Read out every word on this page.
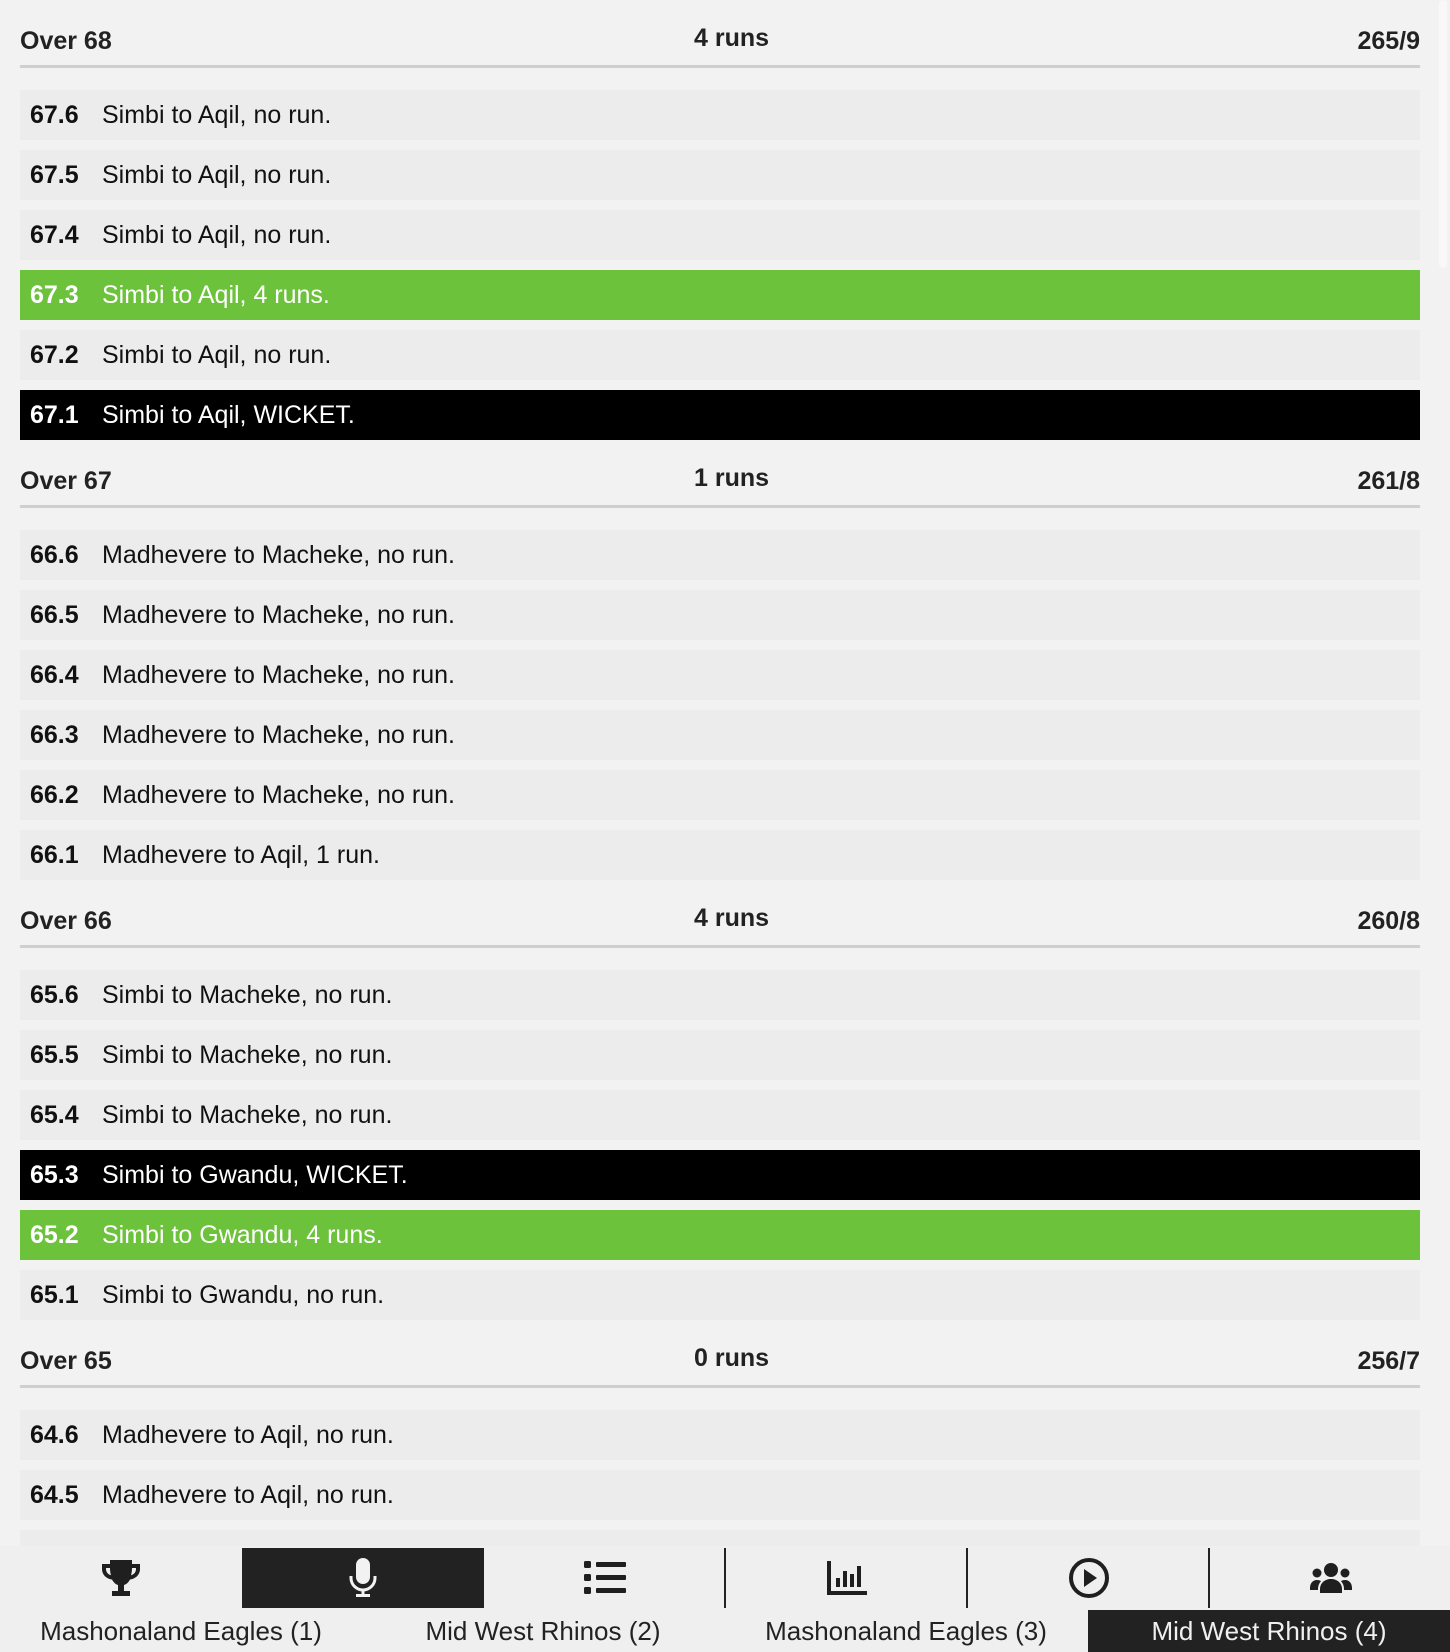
Over 68	4 runs	265/9
67.6 Simbi to Aqil, no run.
67.5 Simbi to Aqil, no run.
67.4 Simbi to Aqil, no run.
67.3 Simbi to Aqil, 4 runs.
67.2 Simbi to Aqil, no run.
67.1 Simbi to Aqil, WICKET.
Over 67	1 runs	261/8
66.6 Madhevere to Macheke, no run.
66.5 Madhevere to Macheke, no run.
66.4 Madhevere to Macheke, no run.
66.3 Madhevere to Macheke, no run.
66.2 Madhevere to Macheke, no run.
66.1 Madhevere to Aqil, 1 run.
Over 66	4 runs	260/8
65.6 Simbi to Macheke, no run.
65.5 Simbi to Macheke, no run.
65.4 Simbi to Macheke, no run.
65.3 Simbi to Gwandu, WICKET.
65.2 Simbi to Gwandu, 4 runs.
65.1 Simbi to Gwandu, no run.
Over 65	0 runs	256/7
64.6 Madhevere to Aqil, no run.
64.5 Madhevere to Aqil, no run.
Mashonaland Eagles (1)	Mid West Rhinos (2)	Mashonaland Eagles (3)	Mid West Rhinos (4)
